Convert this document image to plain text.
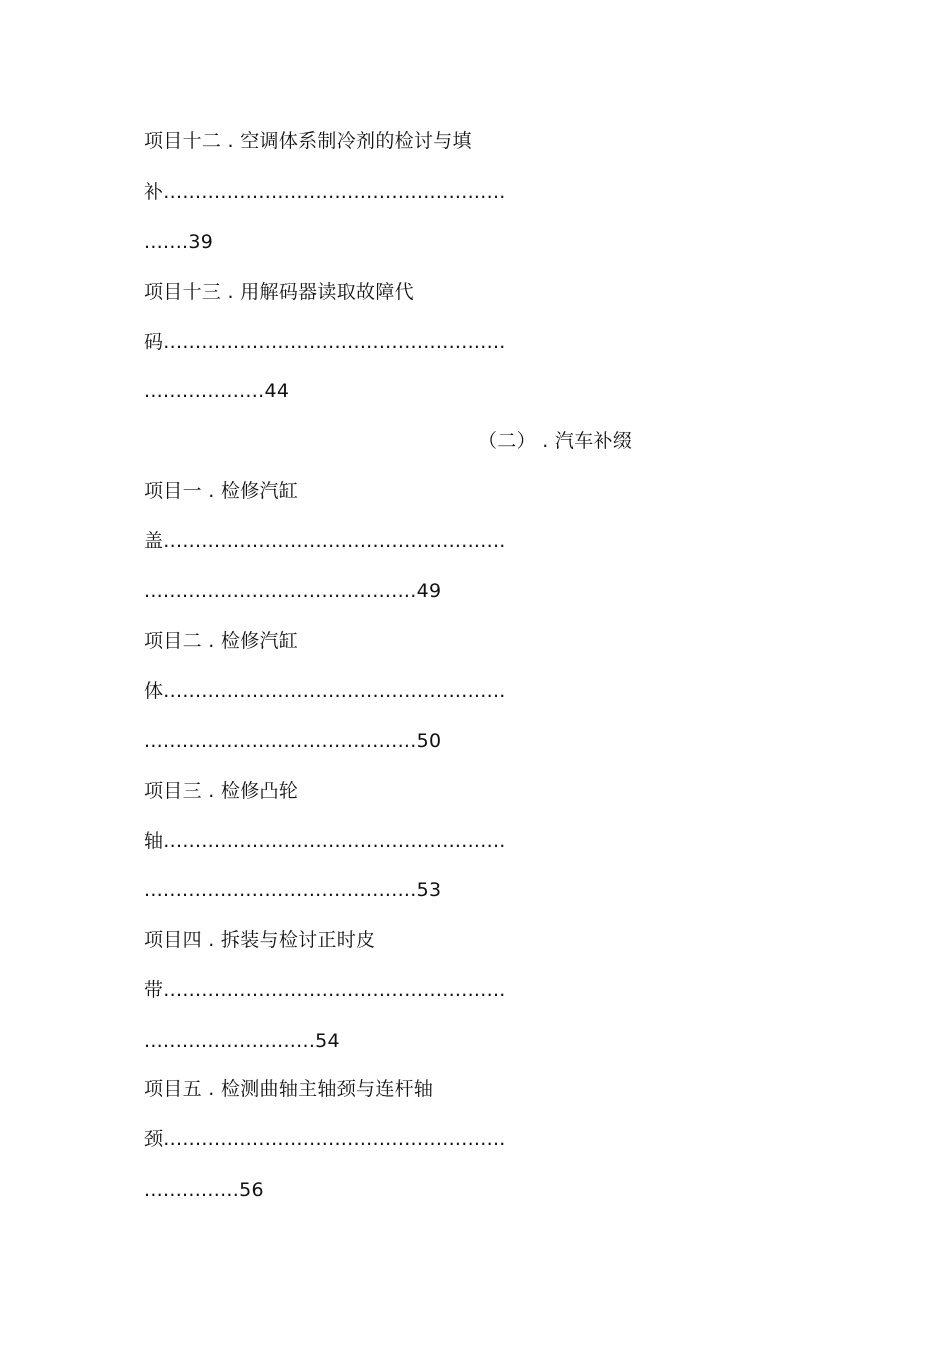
项目十二 . 空调体系制冷剂的检讨与填
补......................................................
.......39
项目十三 . 用解码器读取故障代
码......................................................
...................44
（二） . 汽车补缀
项目一 . 检修汽缸
盖......................................................
...........................................49
项目二 . 检修汽缸
体......................................................
...........................................50
项目三 . 检修凸轮
轴......................................................
...........................................53
项目四 . 拆装与检讨正时皮
带......................................................
...........................54
项目五 . 检测曲轴主轴颈与连杆轴
颈......................................................
...............56
